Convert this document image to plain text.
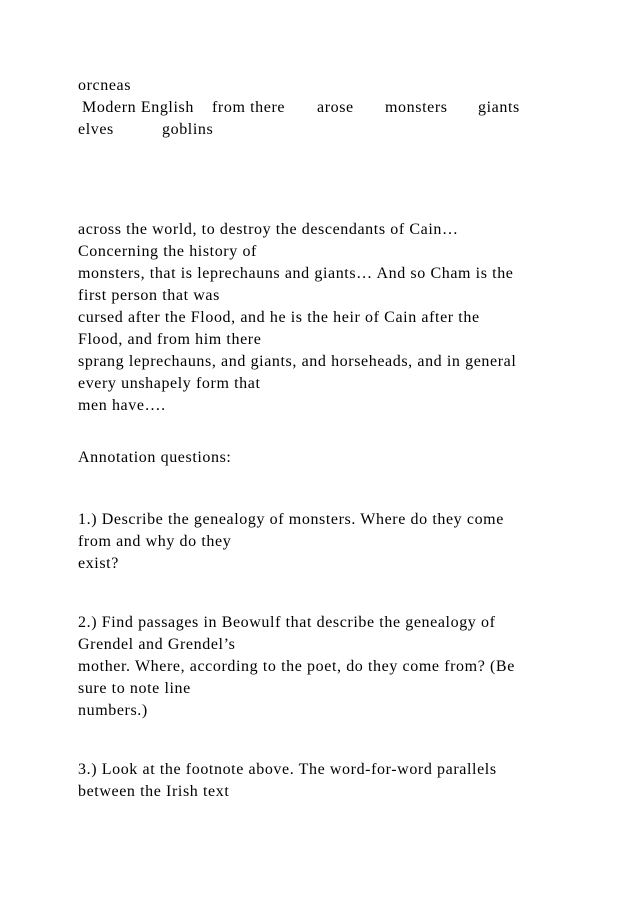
orcneas
Modern English from there arose monsters giants
elves	goblins
across the world, to destroy the descendants of Cain…
Concerning the history of
monsters, that is leprechauns and giants… And so Cham is the
first person that was
cursed after the Flood, and he is the heir of Cain after the
Flood, and from him there
sprang leprechauns, and giants, and horseheads, and in general
every unshapely form that
men have….
Annotation questions:
1.) Describe the genealogy of monsters. Where do they come
from and why do they
exist?
2.) Find passages in Beowulf that describe the genealogy of
Grendel and Grendel’s
mother. Where, according to the poet, do they come from? (Be
sure to note line
numbers.)
3.) Look at the footnote above. The word-for-word parallels
between the Irish text
